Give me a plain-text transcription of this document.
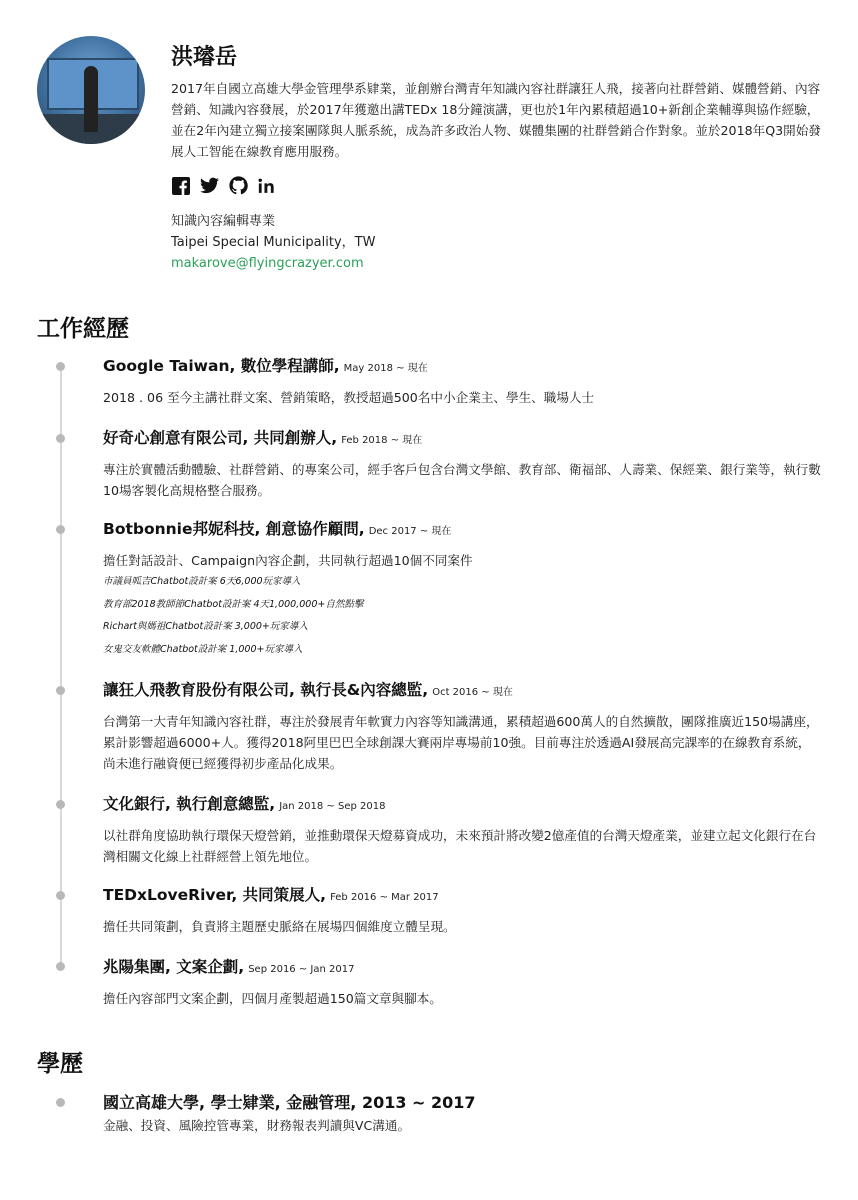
洪璿岳

2017年自國立高雄大學金管理學系肄業，並創辦台灣青年知識內容社群讓狂人飛，接著向社群營銷、媒體營銷、內容營銷、知識內容發展，於2017年獲邀出講TEDx 18分鐘演講，更也於1年內累積超過10+新創企業輔導與協作經驗，並在2年內建立獨立接案團隊與人脈系統，成為許多政治人物、媒體集團的社群營銷合作對象。並於2018年Q3開始發展人工智能在線教育應用服務。

知識內容編輯專業
Taipei Special Municipality，TW
makarove@flyingcrazyer.com
工作經歷

Google Taiwan, 數位學程講師, May 2018 ~ 現在

2018 . 06 至今主講社群文案、營銷策略，教授超過500名中小企業主、學生、職場人士

好奇心創意有限公司, 共同創辦人, Feb 2018 ~ 現在

專注於實體活動體驗、社群營銷、的專案公司，經手客戶包含台灣文學館、教育部、衛福部、人壽業、保經業、銀行業等，執行數10場客製化高規格整合服務。

Botbonnie邦妮科技, 創意協作顧問, Dec 2017 ~ 現在

擔任對話設計、Campaign內容企劃，共同執行超過10個不同案件

市議員呱吉Chatbot設計案 6天6,000玩家導入
教育部2018教師節Chatbot設計案 4天1,000,000+自然點擊
Richart與媽祖Chatbot設計案 3,000+玩家導入
女鬼交友軟體Chatbot設計案 1,000+玩家導入

讓狂人飛教育股份有限公司, 執行長&內容總監, Oct 2016 ~ 現在

台灣第一大青年知識內容社群，專注於發展青年軟實力內容等知識溝通，累積超過600萬人的自然擴散，團隊推廣近150場講座，累計影響超過6000+人。獲得2018阿里巴巴全球創課大賽兩岸專場前10強。目前專注於透過AI發展高完課率的在線教育系統，尚未進行融資便已經獲得初步產品化成果。

文化銀行, 執行創意總監, Jan 2018 ~ Sep 2018

以社群角度協助執行環保天燈營銷，並推動環保天燈募資成功，未來預計將改變2億產值的台灣天燈產業，並建立起文化銀行在台灣相關文化線上社群經營上領先地位。

TEDxLoveRiver, 共同策展人, Feb 2016 ~ Mar 2017

擔任共同策劃，負責將主題歷史脈絡在展場四個維度立體呈現。

兆陽集團, 文案企劃, Sep 2016 ~ Jan 2017

擔任內容部門文案企劃，四個月產製超過150篇文章與腳本。

學歷

國立高雄大學, 學士肄業, 金融管理, 2013 ~ 2017

金融、投資、風險控管專業，財務報表判讀與VC溝通。
